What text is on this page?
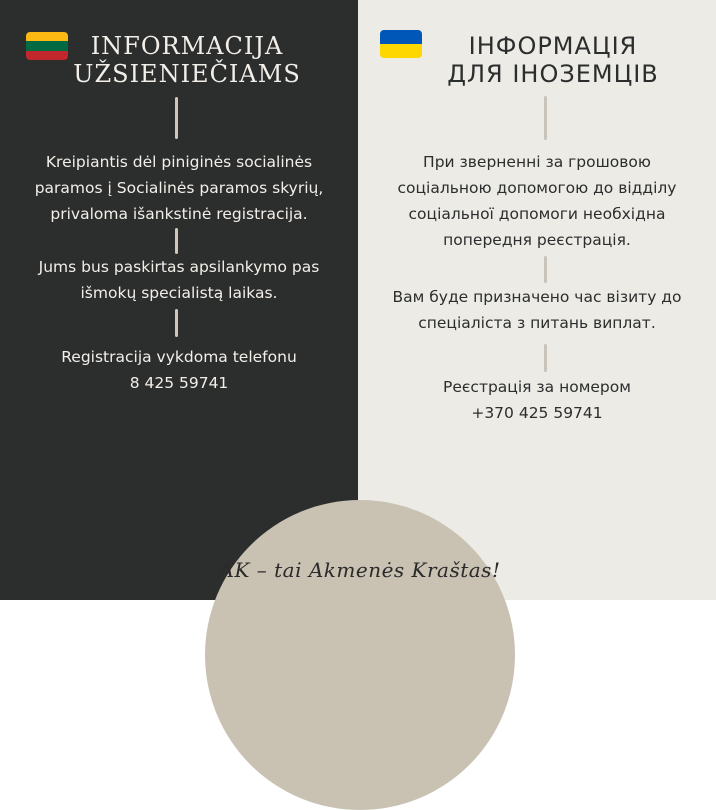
INFORMACIJA
UŽSIENIEČIAMS
Kreipiantis dėl piniginės socialinės
paramos į Socialinės paramos skyrių,
privaloma išankstinė registracija.
Jums bus paskirtas apsilankymo pas
išmokų specialistą laikas.
Registracija vykdoma telefonu
8 425 59741
ІНФОРМАЦІЯ
ДЛЯ ІНОЗЕМЦІВ
При зверненні за грошовою
соціальною допомогою до відділу
соціальної допомоги необхідна
попередня реєстрація.
Вам буде призначено час візиту до
спеціаліста з питань виплат.
Реєстрація за номером
+370 425 59741
AK – tai Akmenės Kraštas!
